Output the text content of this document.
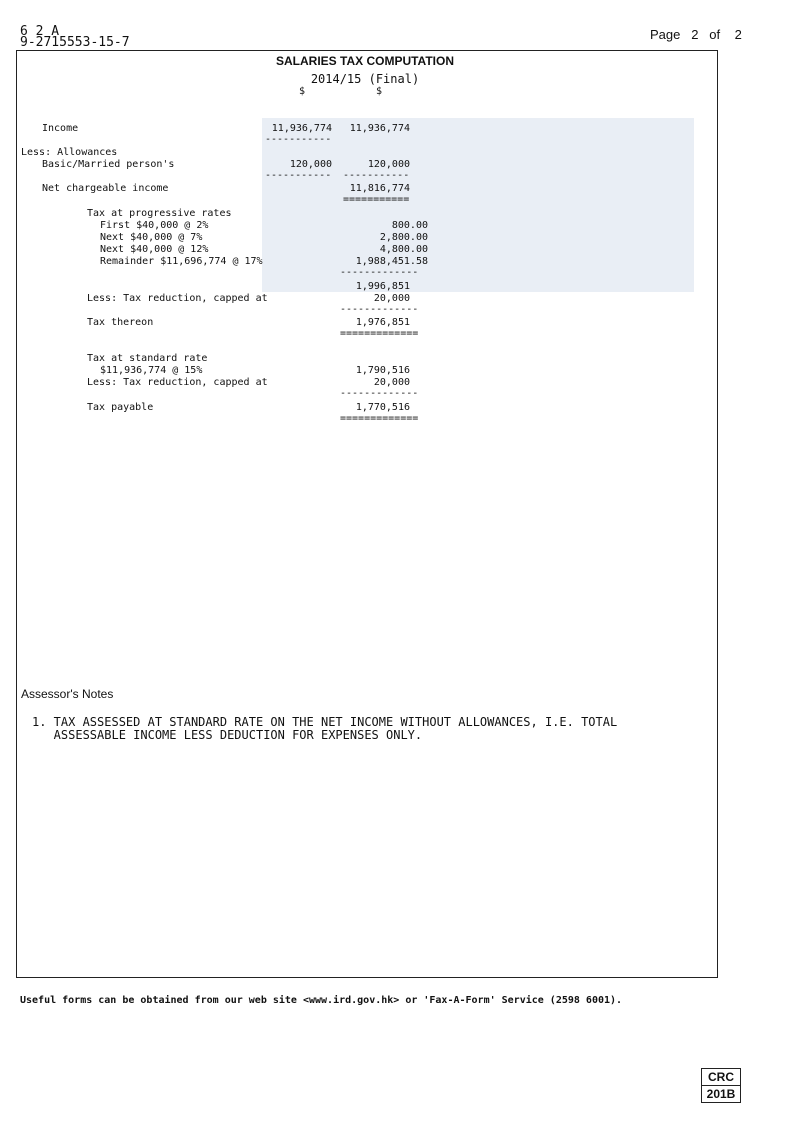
6 2 A
9-2715553-15-7
Page 2 of 2
SALARIES TAX COMPUTATION
2014/15 (Final)
$	$
Income	11,936,774	11,936,774
-----------
Less: Allowances
Basic/Married person's	120,000	120,000
----------- -----------
Net chargeable income	11,816,774
===========
Tax at progressive rates
First $40,000 @ 2%	800.00
Next $40,000 @ 7%	2,800.00
Next $40,000 @ 12%	4,800.00
Remainder $11,696,774 @ 17%	1,988,451.58
-------------
1,996,851
Less: Tax reduction, capped at	20,000
-------------
Tax thereon	1,976,851
=============
Tax at standard rate
$11,936,774 @ 15%	1,790,516
Less: Tax reduction, capped at	20,000
-------------
Tax payable	1,770,516
=============
Assessor's Notes
1. TAX ASSESSED AT STANDARD RATE ON THE NET INCOME WITHOUT ALLOWANCES, I.E. TOTAL
ASSESSABLE INCOME LESS DEDUCTION FOR EXPENSES ONLY.
Useful forms can be obtained from our web site <www.ird.gov.hk> or 'Fax-A-Form' Service (2598 6001).
CRC
201B
